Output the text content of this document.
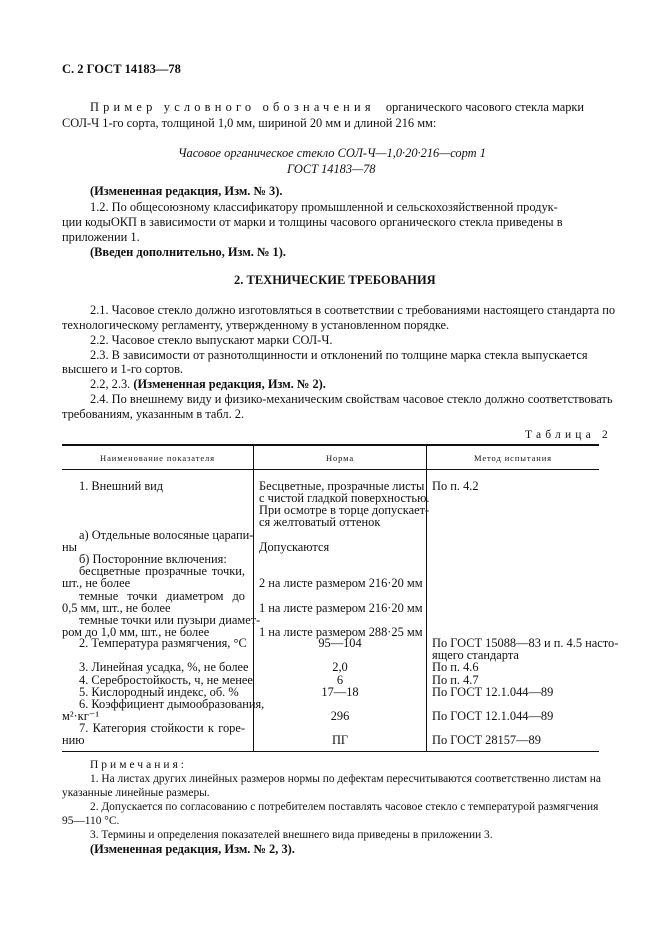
С. 2 ГОСТ 14183—78
Пример условного обозначения органического часового стекла марки
СОЛ-Ч 1-го сорта, толщиной 1,0 мм, шириной 20 мм и длиной 216 мм:
Часовое органическое стекло СОЛ-Ч—1,0·20·216—сорт 1
ГОСТ 14183—78
(Измененная редакция, Изм. № 3).
1.2. По общесоюзному классификатору промышленной и сельскохозяйственной продук-
ции кодыОКП в зависимости от марки и толщины часового органического стекла приведены в
приложении 1.
(Введен дополнительно, Изм. № 1).
2. ТЕХНИЧЕСКИЕ ТРЕБОВАНИЯ
2.1. Часовое стекло должно изготовляться в соответствии с требованиями настоящего стандарта по
технологическому регламенту, утвержденному в установленном порядке.
2.2. Часовое стекло выпускают марки СОЛ-Ч.
2.3. В зависимости от разнотолщинности и отклонений по толщине марка стекла выпускается
высшего и 1-го сортов.
2.2, 2.3. (Измененная редакция, Изм. № 2).
2.4. По внешнему виду и физико-механическим свойствам часовое стекло должно соответствовать
требованиям, указанным в табл. 2.
Таблица 2
Наименование показателя	Норма	Метод испытания
1. Внешний вид
а) Отдельные волосяные царапи-
ны
б) Посторонние включения:
бесцветные прозрачные точки,
шт., не более
темные точки диаметром до
0,5 мм, шт., не более
темные точки или пузыри диамет-
ром до 1,0 мм, шт., не более
2. Температура размягчения, °С
3. Линейная усадка, %, не более
4. Серебростойкость, ч, не менее
5. Кислородный индекс, об. %
6. Коэффициент дымообразования,
м²·кг⁻¹
7. Категория стойкости к горе-
нию
Бесцветные, прозрачные листы
с чистой гладкой поверхностью.
При осмотре в торце допускает-
ся желтоватый оттенок
Допускаются
2 на листе размером 216·20 мм
1 на листе размером 216·20 мм
1 на листе размером 288·25 мм
95—104
2,0
6
17—18
296
ПГ
По п. 4.2
По ГОСТ 15088—83 и п. 4.5 насто-
ящего стандарта
По п. 4.6
По п. 4.7
По ГОСТ 12.1.044—89
По ГОСТ 12.1.044—89
По ГОСТ 28157—89
Примечания:
1. На листах других линейных размеров нормы по дефектам пересчитываются соответственно листам на
указанные линейные размеры.
2. Допускается по согласованию с потребителем поставлять часовое стекло с температурой размягчения
95—110 °С.
3. Термины и определения показателей внешнего вида приведены в приложении 3.
(Измененная редакция, Изм. № 2, 3).
